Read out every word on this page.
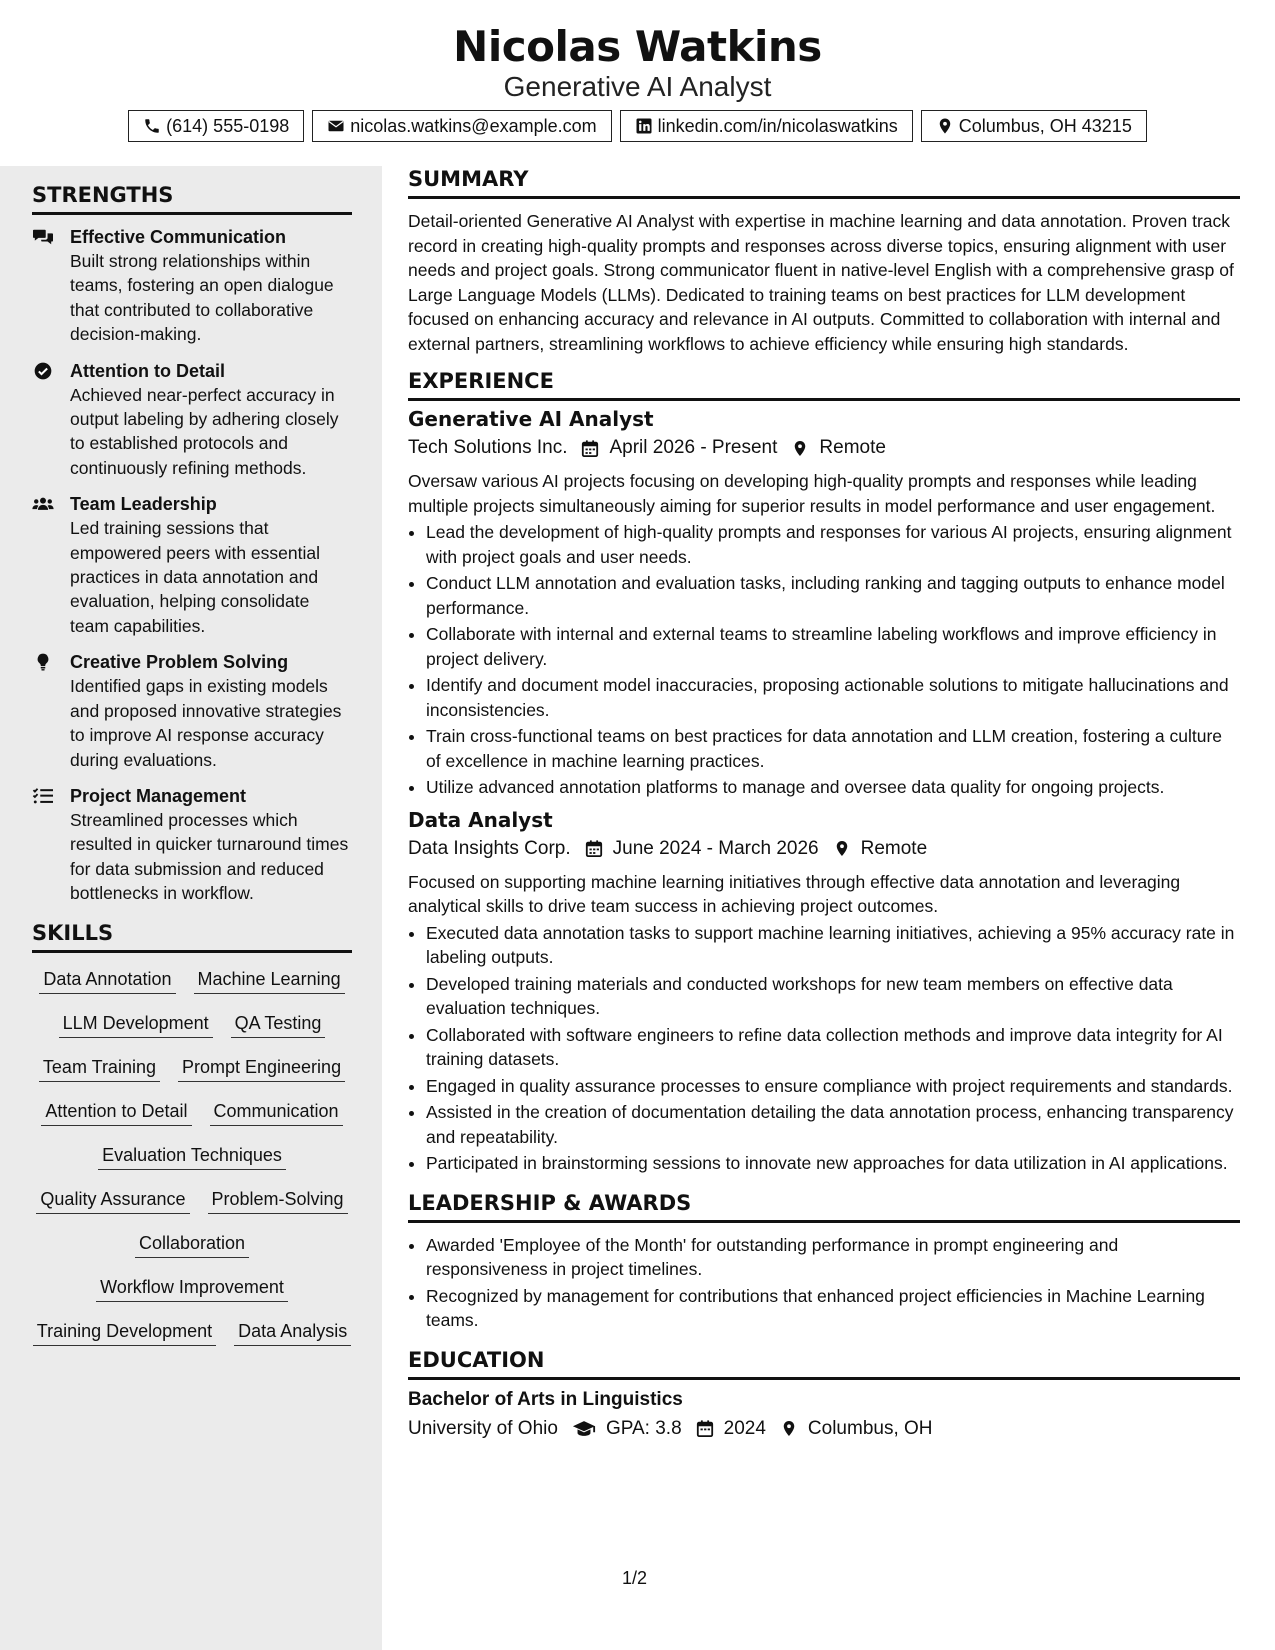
Nicolas Watkins
Generative AI Analyst
(614) 555-0198	nicolas.watkins@example.com	linkedin.com/in/nicolaswatkins	Columbus, OH 43215
STRENGTHS
Effective Communication
Built strong relationships within teams, fostering an open dialogue that contributed to collaborative decision-making.
Attention to Detail
Achieved near-perfect accuracy in output labeling by adhering closely to established protocols and continuously refining methods.
Team Leadership
Led training sessions that empowered peers with essential practices in data annotation and evaluation, helping consolidate team capabilities.
Creative Problem Solving
Identified gaps in existing models and proposed innovative strategies to improve AI response accuracy during evaluations.
Project Management
Streamlined processes which resulted in quicker turnaround times for data submission and reduced bottlenecks in workflow.
SKILLS
Data Annotation Machine Learning
LLM Development QA Testing
Team Training Prompt Engineering
Attention to Detail Communication
Evaluation Techniques
Quality Assurance Problem-Solving
Collaboration
Workflow Improvement
Training Development Data Analysis
SUMMARY
Detail-oriented Generative AI Analyst with expertise in machine learning and data annotation. Proven track record in creating high-quality prompts and responses across diverse topics, ensuring alignment with user needs and project goals. Strong communicator fluent in native-level English with a comprehensive grasp of Large Language Models (LLMs). Dedicated to training teams on best practices for LLM development focused on enhancing accuracy and relevance in AI outputs. Committed to collaboration with internal and external partners, streamlining workflows to achieve efficiency while ensuring high standards.
EXPERIENCE
Generative AI Analyst
Tech Solutions Inc. April 2026 - Present Remote
Oversaw various AI projects focusing on developing high-quality prompts and responses while leading multiple projects simultaneously aiming for superior results in model performance and user engagement.
• Lead the development of high-quality prompts and responses for various AI projects, ensuring alignment with project goals and user needs.
• Conduct LLM annotation and evaluation tasks, including ranking and tagging outputs to enhance model performance.
• Collaborate with internal and external teams to streamline labeling workflows and improve efficiency in project delivery.
• Identify and document model inaccuracies, proposing actionable solutions to mitigate hallucinations and inconsistencies.
• Train cross-functional teams on best practices for data annotation and LLM creation, fostering a culture of excellence in machine learning practices.
• Utilize advanced annotation platforms to manage and oversee data quality for ongoing projects.
Data Analyst
Data Insights Corp. June 2024 - March 2026 Remote
Focused on supporting machine learning initiatives through effective data annotation and leveraging analytical skills to drive team success in achieving project outcomes.
• Executed data annotation tasks to support machine learning initiatives, achieving a 95% accuracy rate in labeling outputs.
• Developed training materials and conducted workshops for new team members on effective data evaluation techniques.
• Collaborated with software engineers to refine data collection methods and improve data integrity for AI training datasets.
• Engaged in quality assurance processes to ensure compliance with project requirements and standards.
• Assisted in the creation of documentation detailing the data annotation process, enhancing transparency and repeatability.
• Participated in brainstorming sessions to innovate new approaches for data utilization in AI applications.
LEADERSHIP & AWARDS
• Awarded 'Employee of the Month' for outstanding performance in prompt engineering and responsiveness in project timelines.
• Recognized by management for contributions that enhanced project efficiencies in Machine Learning teams.
EDUCATION
Bachelor of Arts in Linguistics
University of Ohio	GPA: 3.8 2024 Columbus, OH
1/2
